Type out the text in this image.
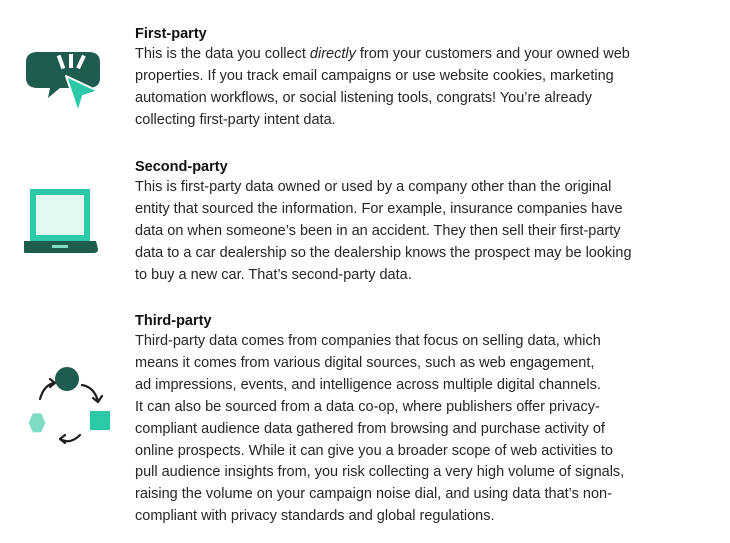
First-party

This is the data you collect directly from your customers and your owned web
properties. If you track email campaigns or use website cookies, marketing
automation workflows, or social listening tools, congrats! You’re already
collecting first-party intent data.

Second-party

This is first-party data owned or used by a company other than the original
entity that sourced the information. For example, insurance companies have
data on when someone’s been in an accident. They then sell their first-party
data to a car dealership so the dealership knows the prospect may be looking
to buy a new car. That’s second-party data.

Third-party

Third-party data comes from companies that focus on selling data, which
means it comes from various digital sources, such as web engagement,
ad impressions, events, and intelligence across multiple digital channels.
It can also be sourced from a data co-op, where publishers offer privacy-
compliant audience data gathered from browsing and purchase activity of
online prospects. While it can give you a broader scope of web activities to
pull audience insights from, you risk collecting a very high volume of signals,
raising the volume on your campaign noise dial, and using data that’s non-
compliant with privacy standards and global regulations.
